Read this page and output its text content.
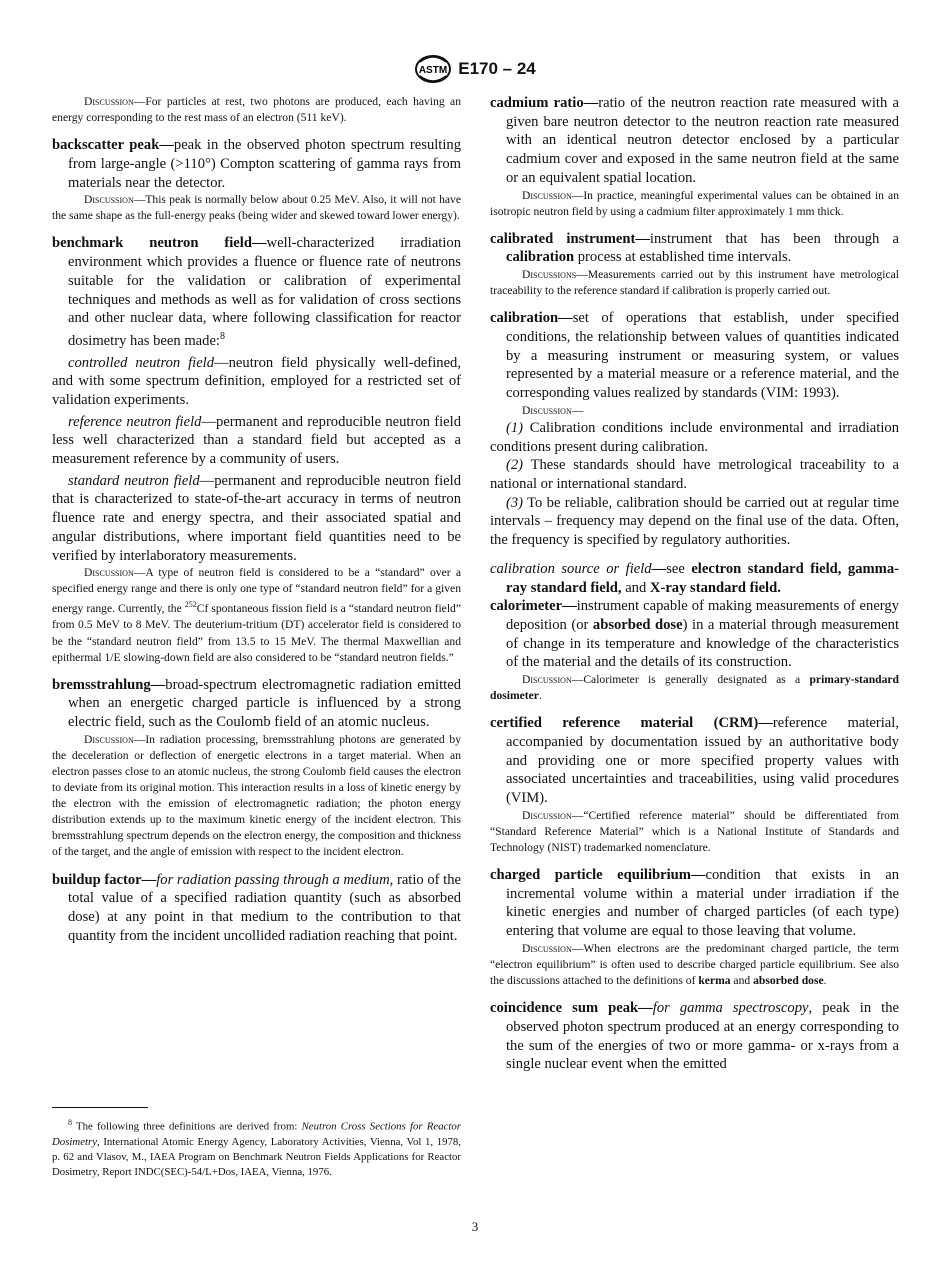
ASTM E170 – 24

Discussion—For particles at rest, two photons are produced, each having an energy corresponding to the rest mass of an electron (511 keV).

backscatter peak—peak in the observed photon spectrum resulting from large-angle (>110°) Compton scattering of gamma rays from materials near the detector.

Discussion—This peak is normally below about 0.25 MeV. Also, it will not have the same shape as the full-energy peaks (being wider and skewed toward lower energy).

benchmark neutron field—well-characterized irradiation environment which provides a fluence or fluence rate of neutrons suitable for the validation or calibration of experimental techniques and methods as well as for validation of cross sections and other nuclear data, where following classification for reactor dosimetry has been made:$^8$

controlled neutron field—neutron field physically well-defined, and with some spectrum definition, employed for a restricted set of validation experiments.

reference neutron field—permanent and reproducible neutron field less well characterized than a standard field but accepted as a measurement reference by a community of users.

standard neutron field—permanent and reproducible neutron field that is characterized to state-of-the-art accuracy in terms of neutron fluence rate and energy spectra, and their associated spatial and angular distributions, where important field quantities need to be verified by interlaboratory measurements.

Discussion—A type of neutron field is considered to be a “standard” over a specified energy range and there is only one type of “standard neutron field” for a given energy range. Currently, the $^{252}$Cf spontaneous fission field is a “standard neutron field” from 0.5 MeV to 8 MeV. The deuterium-tritium (DT) accelerator field is considered to be the “standard neutron field” from 13.5 to 15 MeV. The thermal Maxwellian and epithermal 1/E slowing-down field are also considered to be “standard neutron fields.”

bremsstrahlung—broad-spectrum electromagnetic radiation emitted when an energetic charged particle is influenced by a strong electric field, such as the Coulomb field of an atomic nucleus.

Discussion—In radiation processing, bremsstrahlung photons are generated by the deceleration or deflection of energetic electrons in a target material. When an electron passes close to an atomic nucleus, the strong Coulomb field causes the electron to deviate from its original motion. This interaction results in a loss of kinetic energy by the electron with the emission of electromagnetic radiation; the photon energy distribution extends up to the maximum kinetic energy of the incident electron. This bremsstrahlung spectrum depends on the electron energy, the composition and thickness of the target, and the angle of emission with respect to the incident electron.

buildup factor—for radiation passing through a medium, ratio of the total value of a specified radiation quantity (such as absorbed dose) at any point in that medium to the contribution to that quantity from the incident uncollided radiation reaching that point.

$^8$ The following three definitions are derived from: Neutron Cross Sections for Reactor Dosimetry, International Atomic Energy Agency, Laboratory Activities, Vienna, Vol 1, 1978, p. 62 and Vlasov, M., IAEA Program on Benchmark Neutron Fields Applications for Reactor Dosimetry, Report INDC(SEC)-54/L+Dos, IAEA, Vienna, 1976.

cadmium ratio—ratio of the neutron reaction rate measured with a given bare neutron detector to the neutron reaction rate measured with an identical neutron detector enclosed by a particular cadmium cover and exposed in the same neutron field at the same or an equivalent spatial location.

Discussion—In practice, meaningful experimental values can be obtained in an isotropic neutron field by using a cadmium filter approximately 1 mm thick.

calibrated instrument—instrument that has been through a calibration process at established time intervals.

Discussions—Measurements carried out by this instrument have metrological traceability to the reference standard if calibration is properly carried out.

calibration—set of operations that establish, under specified conditions, the relationship between values of quantities indicated by a measuring instrument or measuring system, or values represented by a material measure or a reference material, and the corresponding values realized by standards (VIM: 1993).

Discussion—

(1) Calibration conditions include environmental and irradiation conditions present during calibration.

(2) These standards should have metrological traceability to a national or international standard.

(3) To be reliable, calibration should be carried out at regular time intervals – frequency may depend on the final use of the data. Often, the frequency is specified by regulatory authorities.

calibration source or field—see electron standard field, gamma-ray standard field, and X-ray standard field.

calorimeter—instrument capable of making measurements of energy deposition (or absorbed dose) in a material through measurement of change in its temperature and knowledge of the characteristics of the material and the details of its construction.

Discussion—Calorimeter is generally designated as a primary-standard dosimeter.

certified reference material (CRM)—reference material, accompanied by documentation issued by an authoritative body and providing one or more specified property values with associated uncertainties and traceabilities, using valid procedures (VIM).

Discussion—“Certified reference material” should be differentiated from “Standard Reference Material” which is a National Institute of Standards and Technology (NIST) trademarked nomenclature.

charged particle equilibrium—condition that exists in an incremental volume within a material under irradiation if the kinetic energies and number of charged particles (of each type) entering that volume are equal to those leaving that volume.

Discussion—When electrons are the predominant charged particle, the term “electron equilibrium” is often used to describe charged particle equilibrium. See also the discussions attached to the definitions of kerma and absorbed dose.

coincidence sum peak—for gamma spectroscopy, peak in the observed photon spectrum produced at an energy corresponding to the sum of the energies of two or more gamma- or x-rays from a single nuclear event when the emitted

3
